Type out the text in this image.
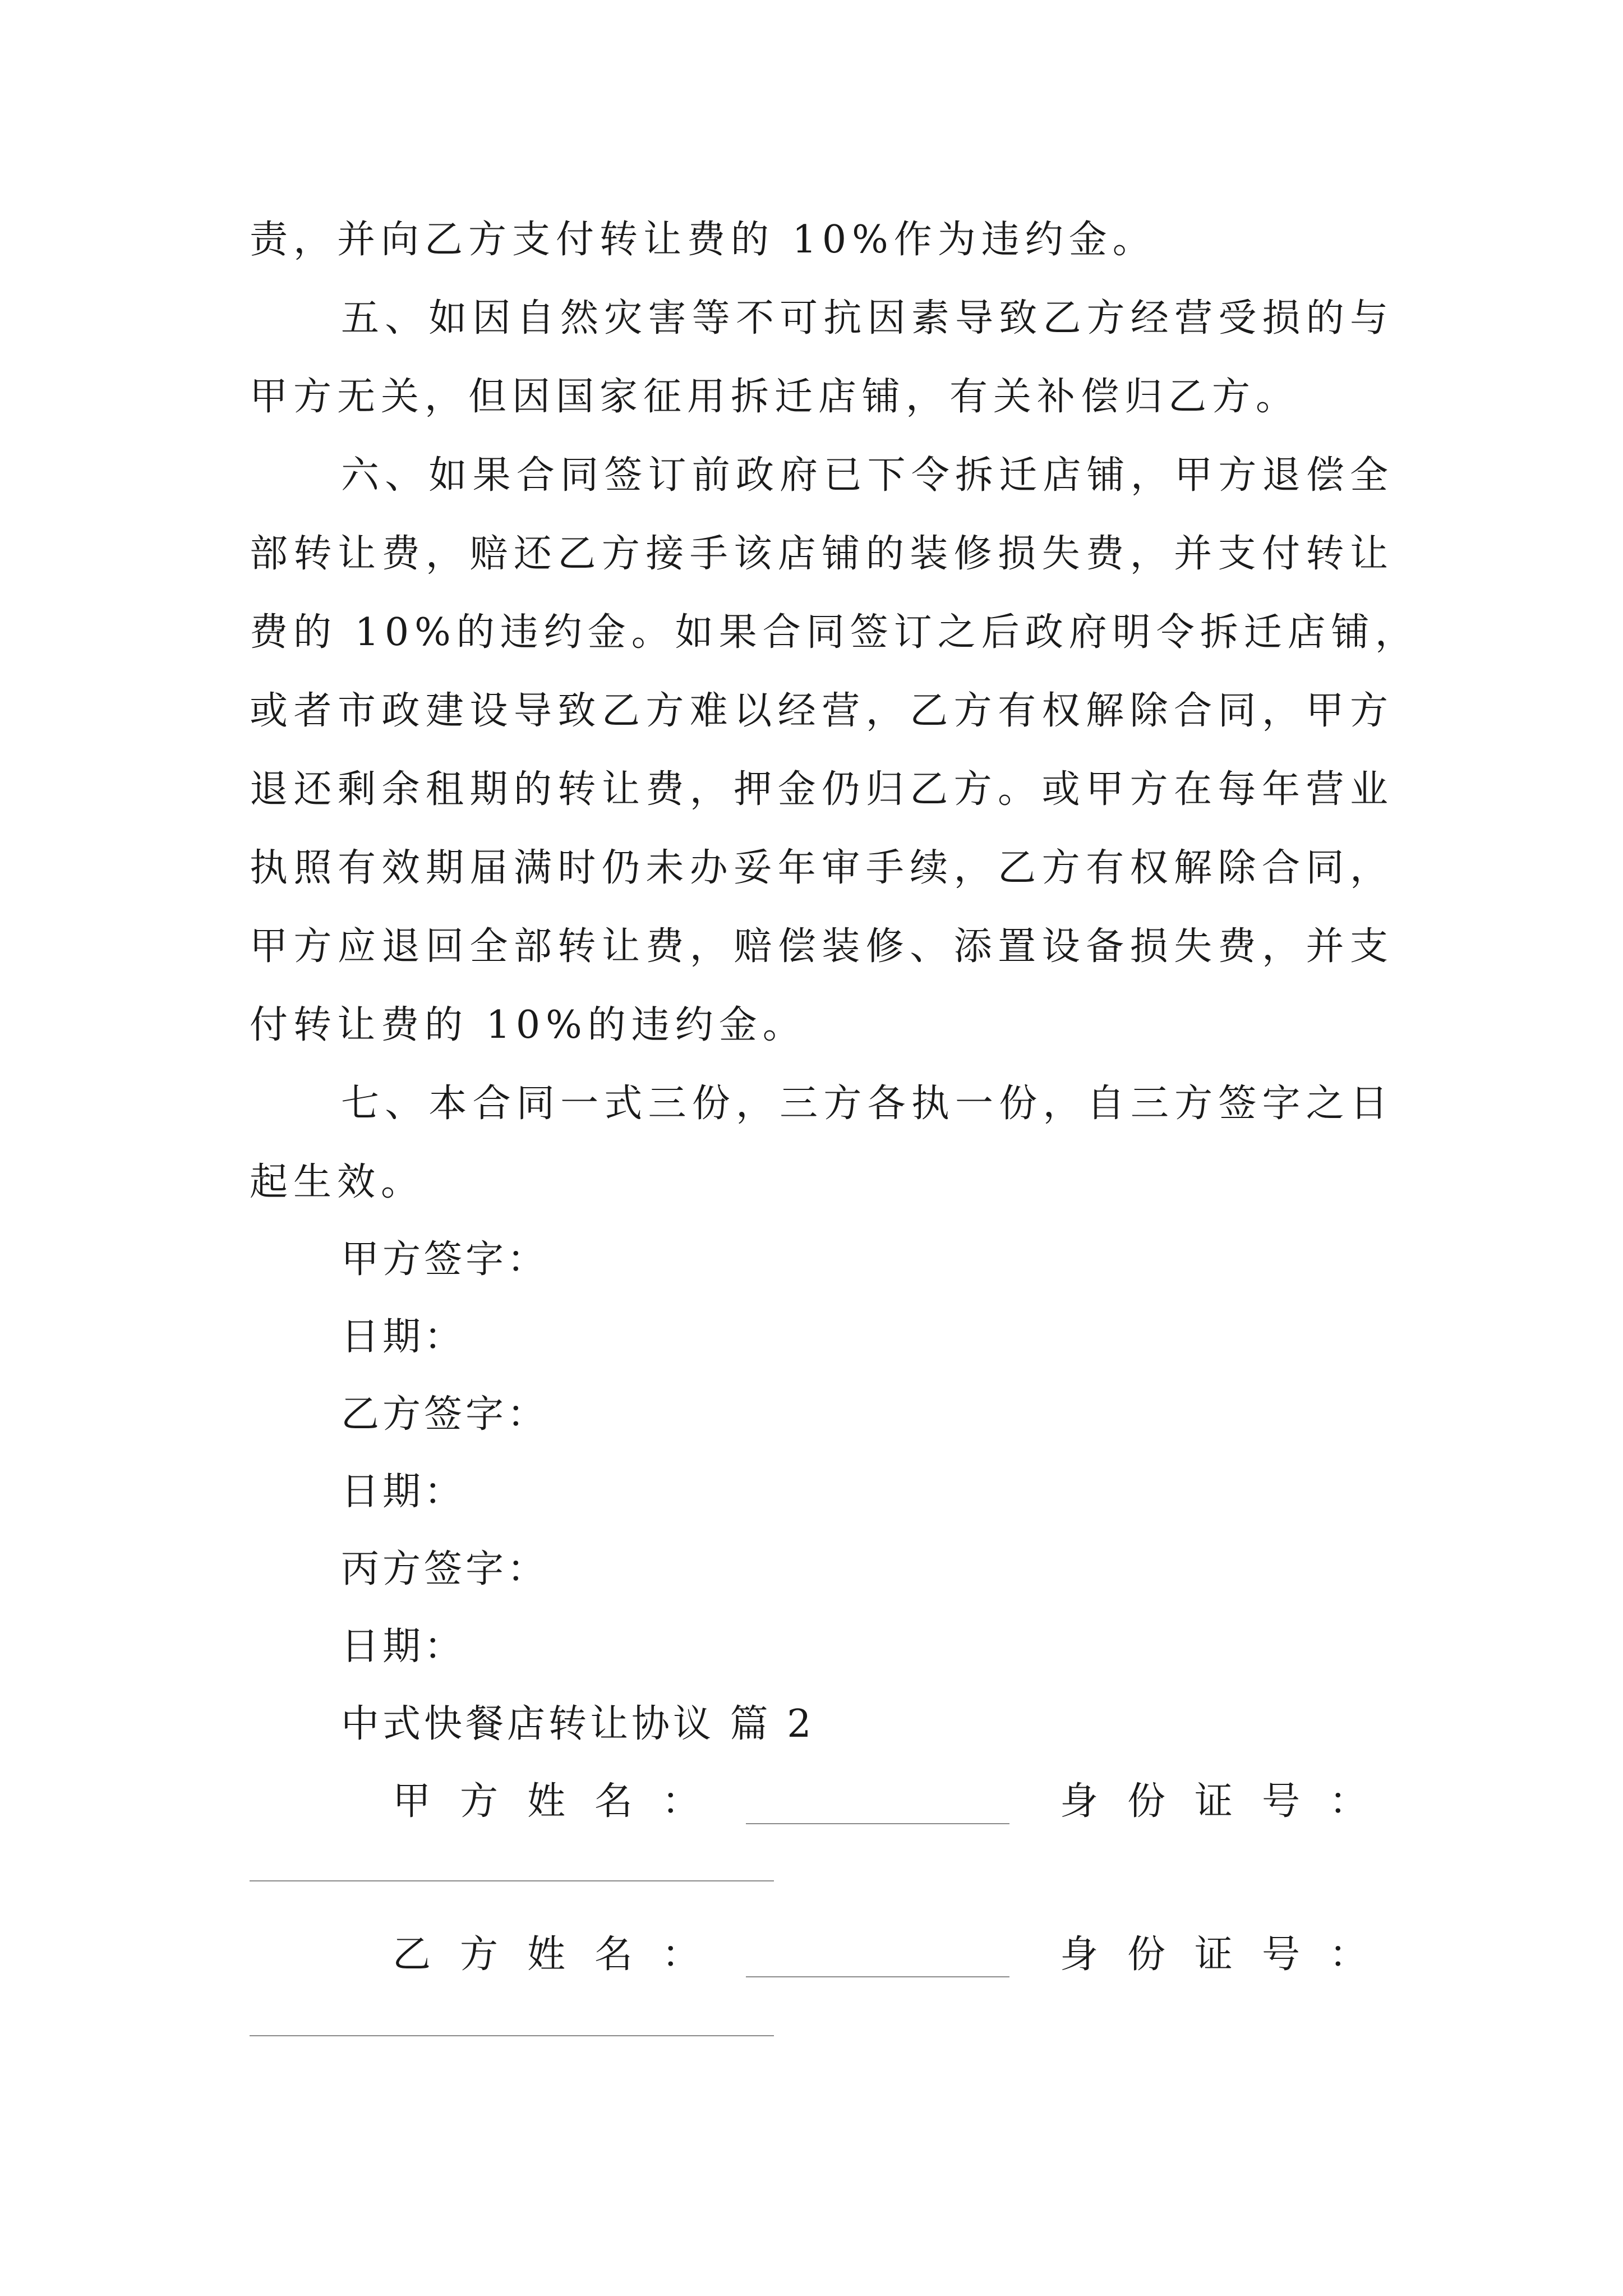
责，并向乙方支付转让费的 10%作为违约金。
五、如因自然灾害等不可抗因素导致乙方经营受损的与
甲方无关，但因国家征用拆迁店铺，有关补偿归乙方。
六、如果合同签订前政府已下令拆迁店铺，甲方退偿全
部转让费，赔还乙方接手该店铺的装修损失费，并支付转让
费的 10%的违约金。如果合同签订之后政府明令拆迁店铺，
或者市政建设导致乙方难以经营，乙方有权解除合同，甲方
退还剩余租期的转让费，押金仍归乙方。或甲方在每年营业
执照有效期届满时仍未办妥年审手续，乙方有权解除合同，
甲方应退回全部转让费，赔偿装修、添置设备损失费，并支
付转让费的 10%的违约金。
七、本合同一式三份，三方各执一份，自三方签字之日
起生效。
甲方签字：
日期：
乙方签字：
日期：
丙方签字：
日期：
中式快餐店转让协议 篇 2
甲方姓名：	身份证号：
乙方姓名：	身份证号：
